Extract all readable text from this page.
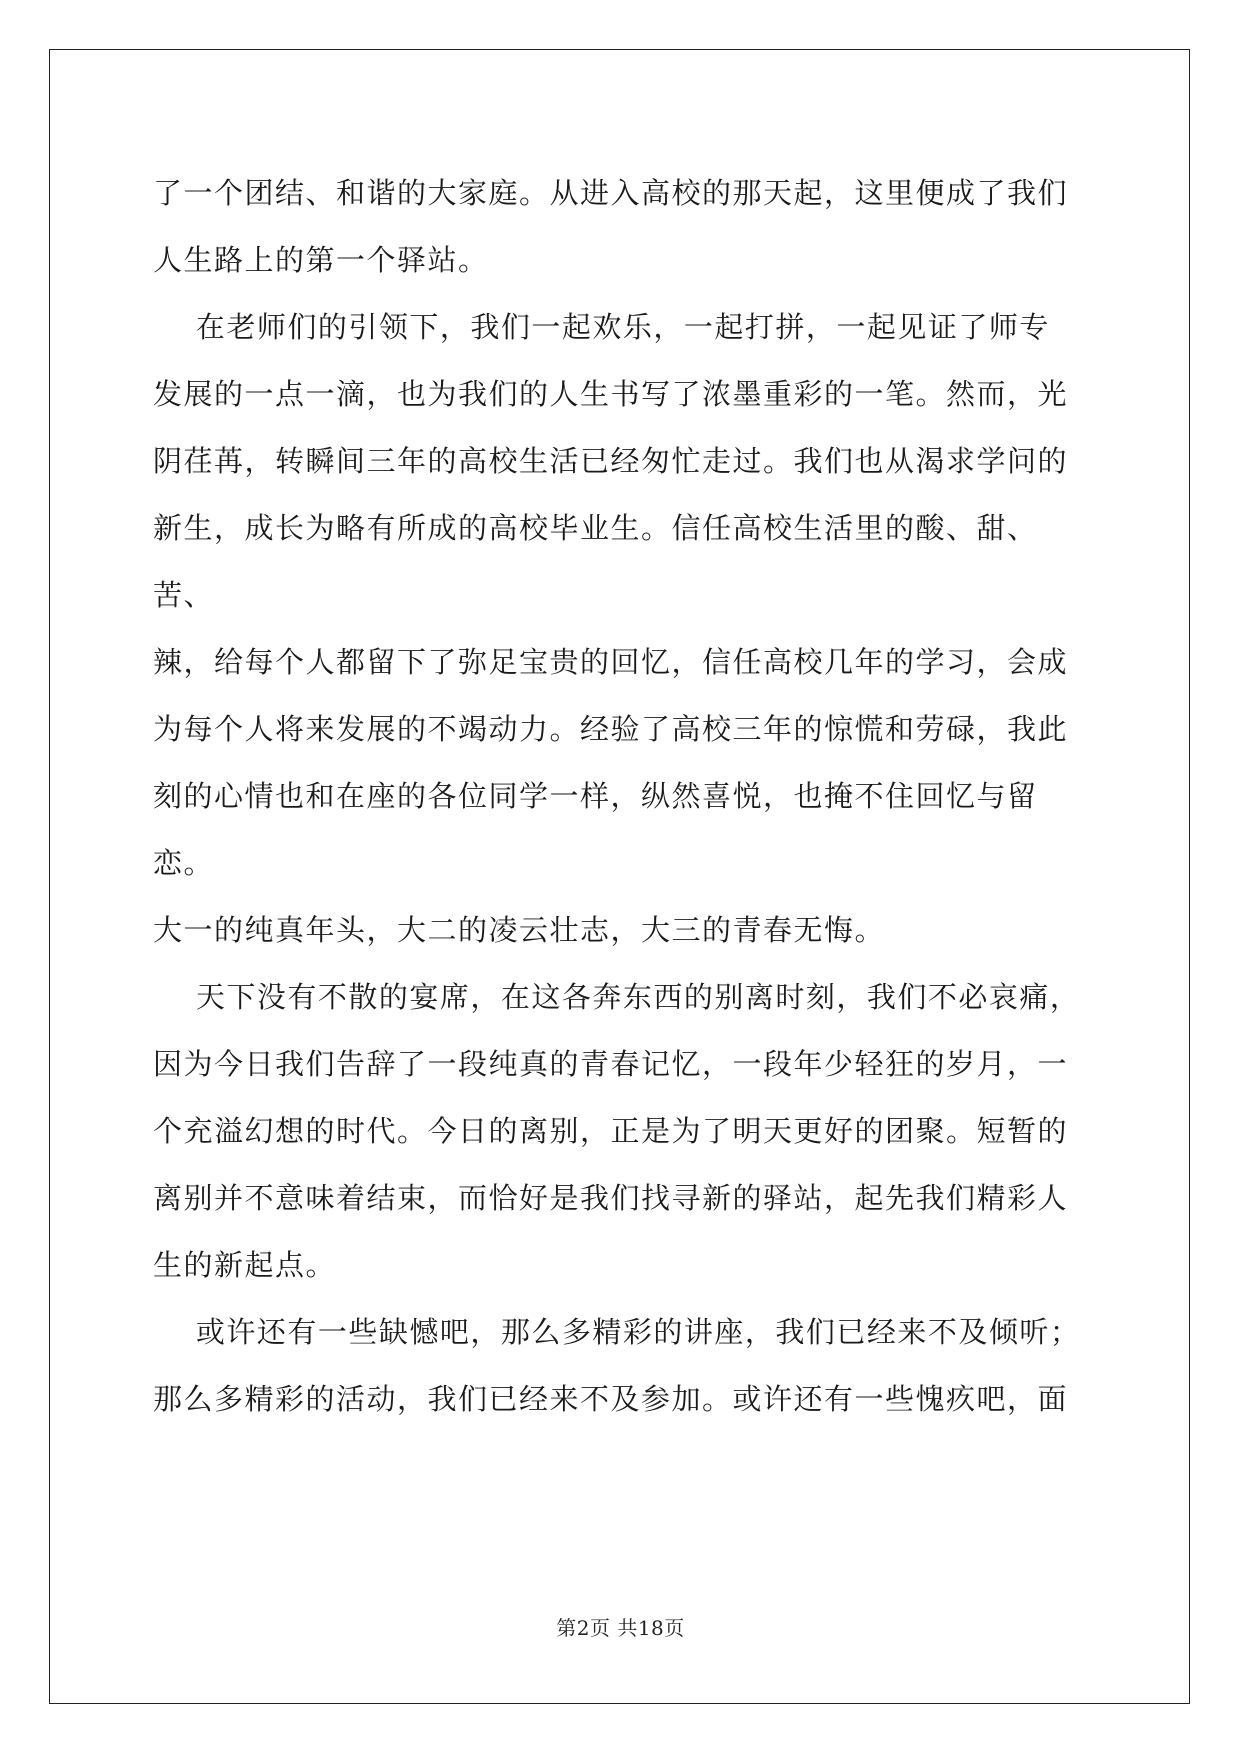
了一个团结、和谐的大家庭。从进入高校的那天起，这里便成了我们

人生路上的第一个驿站。

在老师们的引领下，我们一起欢乐，一起打拼，一起见证了师专

发展的一点一滴，也为我们的人生书写了浓墨重彩的一笔。然而，光

阴荏苒，转瞬间三年的高校生活已经匆忙走过。我们也从渴求学问的

新生，成长为略有所成的高校毕业生。信任高校生活里的酸、甜、苦、

辣，给每个人都留下了弥足宝贵的回忆，信任高校几年的学习，会成

为每个人将来发展的不竭动力。经验了高校三年的惊慌和劳碌，我此

刻的心情也和在座的各位同学一样，纵然喜悦，也掩不住回忆与留恋。

大一的纯真年头，大二的凌云壮志，大三的青春无悔。

天下没有不散的宴席，在这各奔东西的别离时刻，我们不必哀痛，

因为今日我们告辞了一段纯真的青春记忆，一段年少轻狂的岁月，一

个充溢幻想的时代。今日的离别，正是为了明天更好的团聚。短暂的

离别并不意味着结束，而恰好是我们找寻新的驿站，起先我们精彩人

生的新起点。

或许还有一些缺憾吧，那么多精彩的讲座，我们已经来不及倾听；

那么多精彩的活动，我们已经来不及参加。或许还有一些愧疚吧，面

第2页 共18页
